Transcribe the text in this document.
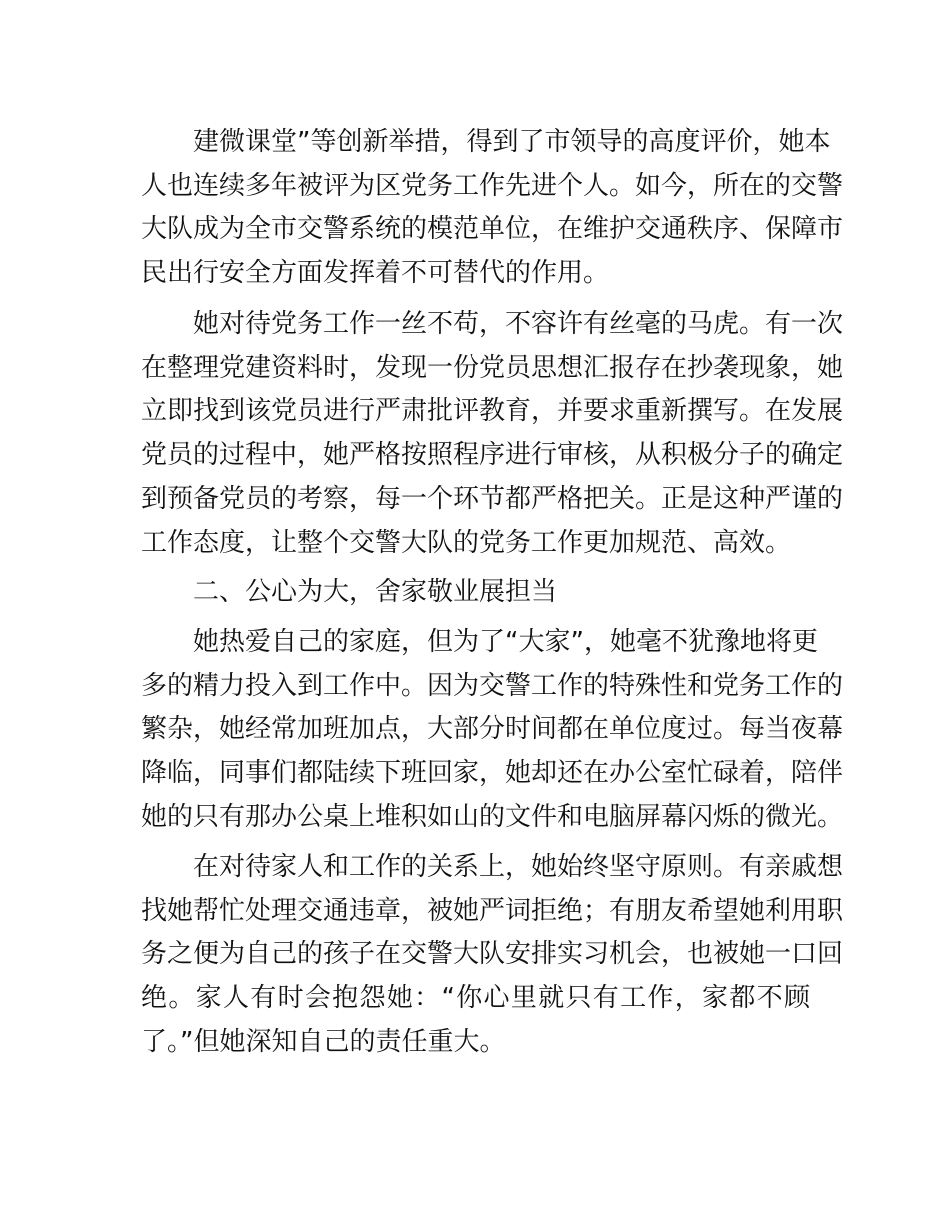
建微课堂”等创新举措，得到了市领导的高度评价，她本
人也连续多年被评为区党务工作先进个人。如今，所在的交警
大队成为全市交警系统的模范单位，在维护交通秩序、保障市
民出行安全方面发挥着不可替代的作用。
她对待党务工作一丝不苟，不容许有丝毫的马虎。有一次
在整理党建资料时，发现一份党员思想汇报存在抄袭现象，她
立即找到该党员进行严肃批评教育，并要求重新撰写。在发展
党员的过程中，她严格按照程序进行审核，从积极分子的确定
到预备党员的考察，每一个环节都严格把关。正是这种严谨的
工作态度，让整个交警大队的党务工作更加规范、高效。
二、公心为大，舍家敬业展担当
她热爱自己的家庭，但为了“大家”，她毫不犹豫地将更
多的精力投入到工作中。因为交警工作的特殊性和党务工作的
繁杂，她经常加班加点，大部分时间都在单位度过。每当夜幕
降临，同事们都陆续下班回家，她却还在办公室忙碌着，陪伴
她的只有那办公桌上堆积如山的文件和电脑屏幕闪烁的微光。
在对待家人和工作的关系上，她始终坚守原则。有亲戚想
找她帮忙处理交通违章，被她严词拒绝；有朋友希望她利用职
务之便为自己的孩子在交警大队安排实习机会，也被她一口回
绝。家人有时会抱怨她：“你心里就只有工作，家都不顾
了。”但她深知自己的责任重大。
